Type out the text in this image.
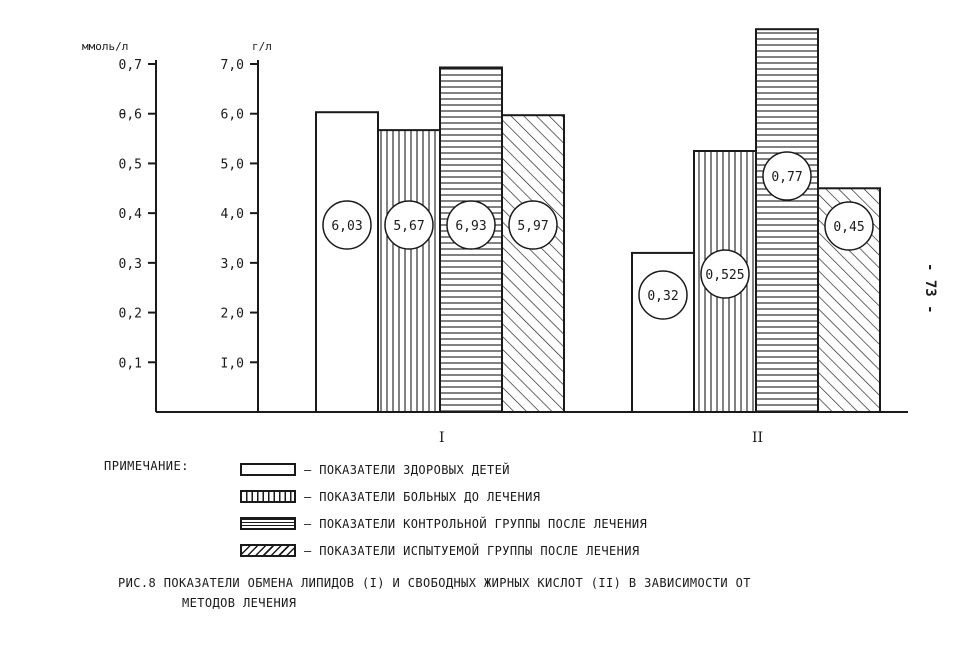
0,1
0,2
0,3
0,4
0,5
θ,6
0,7
I,0
2,0
3,0
4,0
5,0
6,0
7,0
6,03 5,67 6,93 5,97
0,32
0,525
0,77
0,45
ммоль/л	г/л
I	II
ПРИМЕЧАНИЕ:	– ПОКАЗАТЕЛИ ЗДОРОВЫХ ДЕТЕЙ
– ПОКАЗАТЕЛИ БОЛЬНЫХ ДО ЛЕЧЕНИЯ
– ПОКАЗАТЕЛИ КОНТРОЛЬНОЙ ГРУППЫ ПОСЛЕ ЛЕЧЕНИЯ
– ПОКАЗАТЕЛИ ИСПЫТУЕМОЙ ГРУППЫ ПОСЛЕ ЛЕЧЕНИЯ
РИС.8 ПОКАЗАТЕЛИ ОБМЕНА ЛИПИДОВ (I) И СВОБОДНЫХ ЖИРНЫХ КИСЛОТ (II) В ЗАВИСИМОСТИ ОТ
МЕТОДОВ ЛЕЧЕНИЯ
- 73 -
